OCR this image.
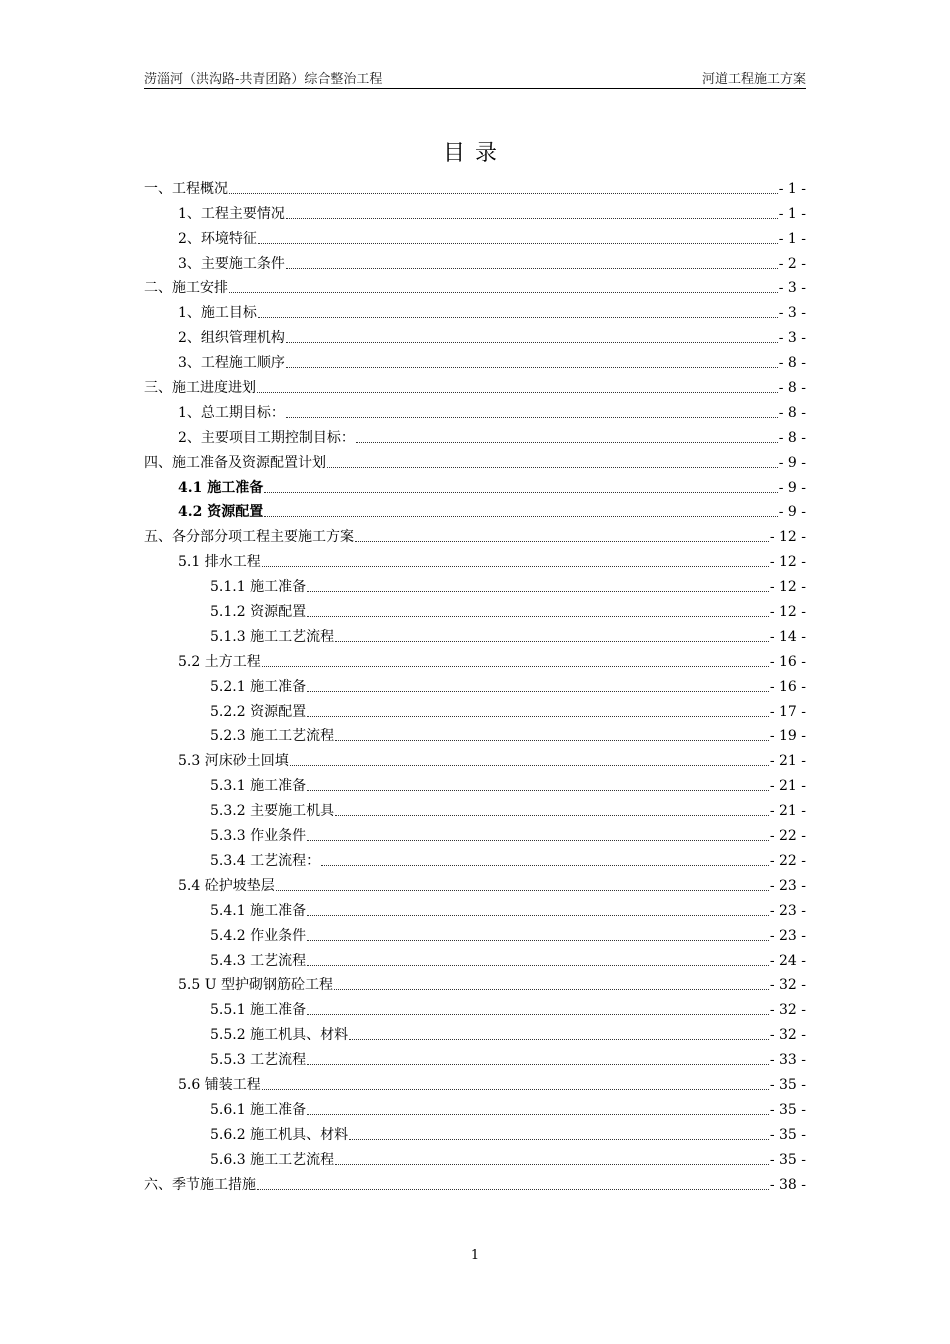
涝淄河（洪沟路-共青团路）综合整治工程	河道工程施工方案
目录
一、工程概况	- 1 -
1、工程主要情况	- 1 -
2、环境特征	- 1 -
3、主要施工条件	- 2 -
二、施工安排	- 3 -
1、施工目标	- 3 -
2、组织管理机构	- 3 -
3、工程施工顺序	- 8 -
三、施工进度进划	- 8 -
1、总工期目标：	- 8 -
2、主要项目工期控制目标：	- 8 -
四、施工准备及资源配置计划	- 9 -
4.1 施工准备	- 9 -
4.2 资源配置	- 9 -
五、各分部分项工程主要施工方案	- 12 -
5.1 排水工程	- 12 -
5.1.1 施工准备	- 12 -
5.1.2 资源配置	- 12 -
5.1.3 施工工艺流程	- 14 -
5.2 土方工程	- 16 -
5.2.1 施工准备	- 16 -
5.2.2 资源配置	- 17 -
5.2.3 施工工艺流程	- 19 -
5.3 河床砂土回填	- 21 -
5.3.1 施工准备	- 21 -
5.3.2 主要施工机具	- 21 -
5.3.3 作业条件	- 22 -
5.3.4 工艺流程：	- 22 -
5.4 砼护坡垫层	- 23 -
5.4.1 施工准备	- 23 -
5.4.2 作业条件	- 23 -
5.4.3 工艺流程	- 24 -
5.5 U 型护砌钢筋砼工程	- 32 -
5.5.1 施工准备	- 32 -
5.5.2 施工机具、材料	- 32 -
5.5.3 工艺流程	- 33 -
5.6 铺装工程	- 35 -
5.6.1 施工准备	- 35 -
5.6.2 施工机具、材料	- 35 -
5.6.3 施工工艺流程	- 35 -
六、季节施工措施	- 38 -
1
